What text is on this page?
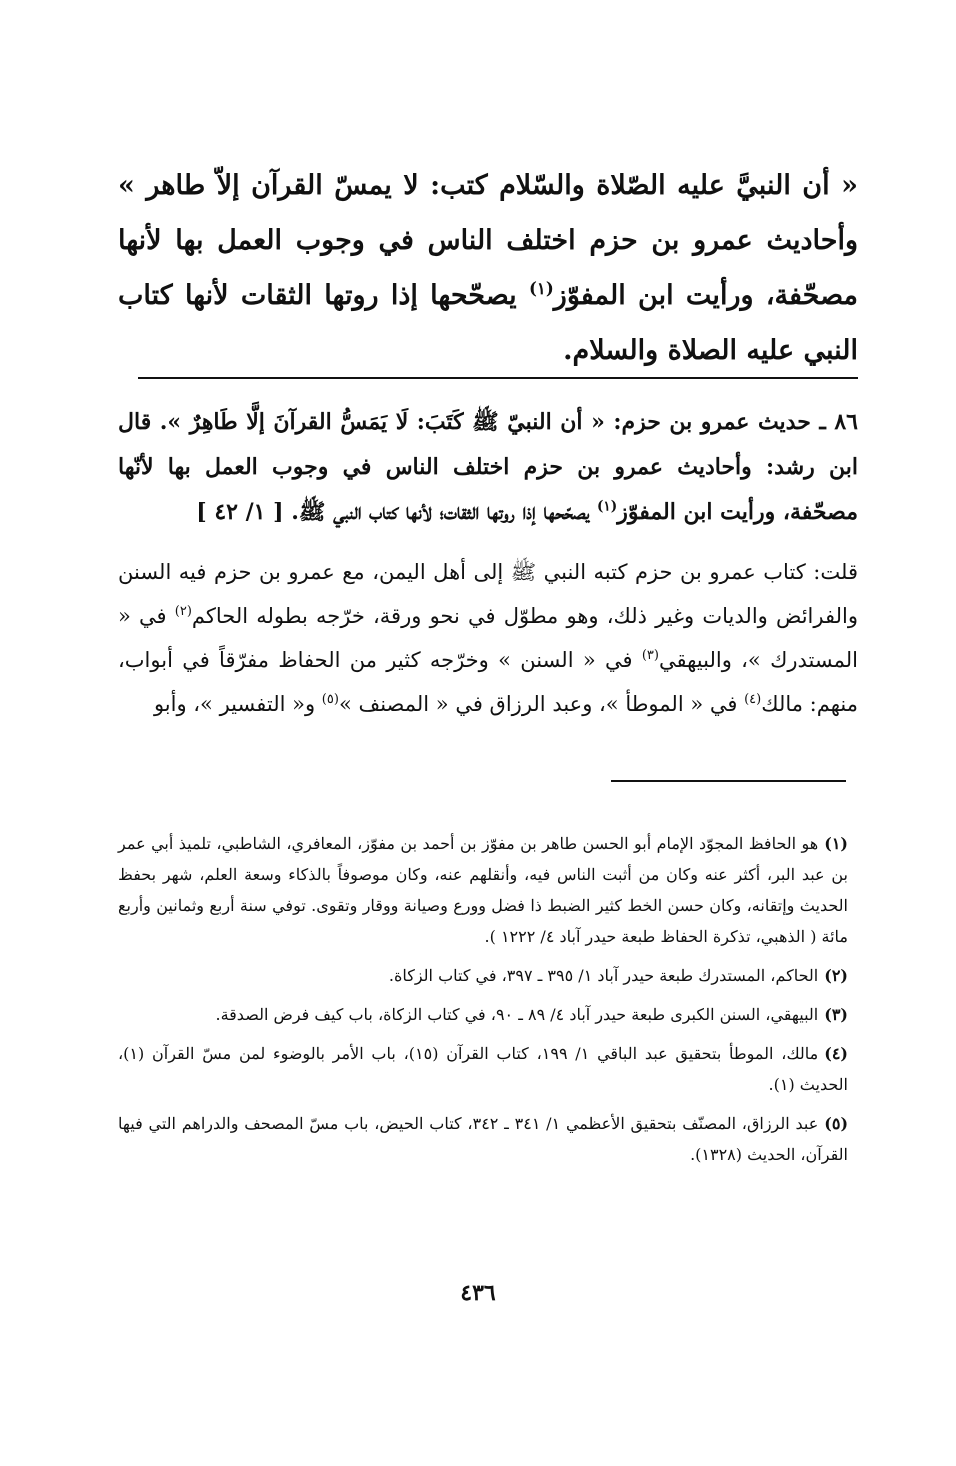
« أن النبيَّ عليه الصّلاة والسّلام كتب: لا يمسّ القرآن إلاّ طاهر » وأحاديث عمرو بن حزم اختلف الناس في وجوب العمل بها لأنها مصحّفة، ورأيت ابن المفوّز$^{(١)}$ يصحّحها إذا روتها الثقات لأنها كتاب النبي عليه الصلاة والسلام.
٨٦ ـ حديث عمرو بن حزم: « أن النبيّ ﷺ كَتَبَ: لَا يَمَسُّ القرآنَ إلَّا طَاهِرٌ ». قال ابن رشد: وأحاديث عمرو بن حزم اختلف الناس في وجوب العمل بها لأنّها مصحّفة، ورأيت ابن المفوّز$^{(١)}$ يصحّحها إذا روتها الثقات؛ لأنها كتاب النبي ﷺ. [ ١/ ٤٢ ]
قلت: كتاب عمرو بن حزم كتبه النبي ﷺ إلى أهل اليمن، مع عمرو بن حزم فيه السنن والفرائض والديات وغير ذلك، وهو مطوّل في نحو ورقة، خرّجه بطوله الحاكم$^{(٢)}$ في « المستدرك »، والبيهقي$^{(٣)}$ في « السنن » وخرّجه كثير من الحفاظ مفرّقاً في أبواب، منهم: مالك$^{(٤)}$ في « الموطأ »، وعبد الرزاق في « المصنف »$^{(٥)}$ و« التفسير »، وأبو

(١)هو الحافظ المجوّد الإمام أبو الحسن طاهر بن مفوّز بن أحمد بن مفوّز، المعافري، الشاطبي، تلميذ أبي عمر بن عبد البر، أكثر عنه وكان من أثبت الناس فيه، وأنقلهم عنه، وكان موصوفاً بالذكاء وسعة العلم، شهر بحفظ الحديث وإتقانه، وكان حسن الخط كثير الضبط ذا فضل وورع وصيانة ووقار وتقوى. توفي سنة أربع وثمانين وأربع مائة ( الذهبي، تذكرة الحفاظ طبعة حيدر آباد ٤/ ١٢٢٢ ).

(٢)الحاكم، المستدرك طبعة حيدر آباد ١/ ٣٩٥ ـ ٣٩٧، في كتاب الزكاة.

(٣)البيهقي، السنن الكبرى طبعة حيدر آباد ٤/ ٨٩ ـ ٩٠، في كتاب الزكاة، باب كيف فرض الصدقة.

(٤)مالك، الموطأ بتحقيق عبد الباقي ١/ ١٩٩، كتاب القرآن (١٥)، باب الأمر بالوضوء لمن مسّ القرآن (١)، الحديث (١).

(٥)عبد الرزاق، المصنّف بتحقيق الأعظمي ١/ ٣٤١ ـ ٣٤٢، كتاب الحيض، باب مسّ المصحف والدراهم التي فيها القرآن، الحديث (١٣٢٨).

٤٣٦
